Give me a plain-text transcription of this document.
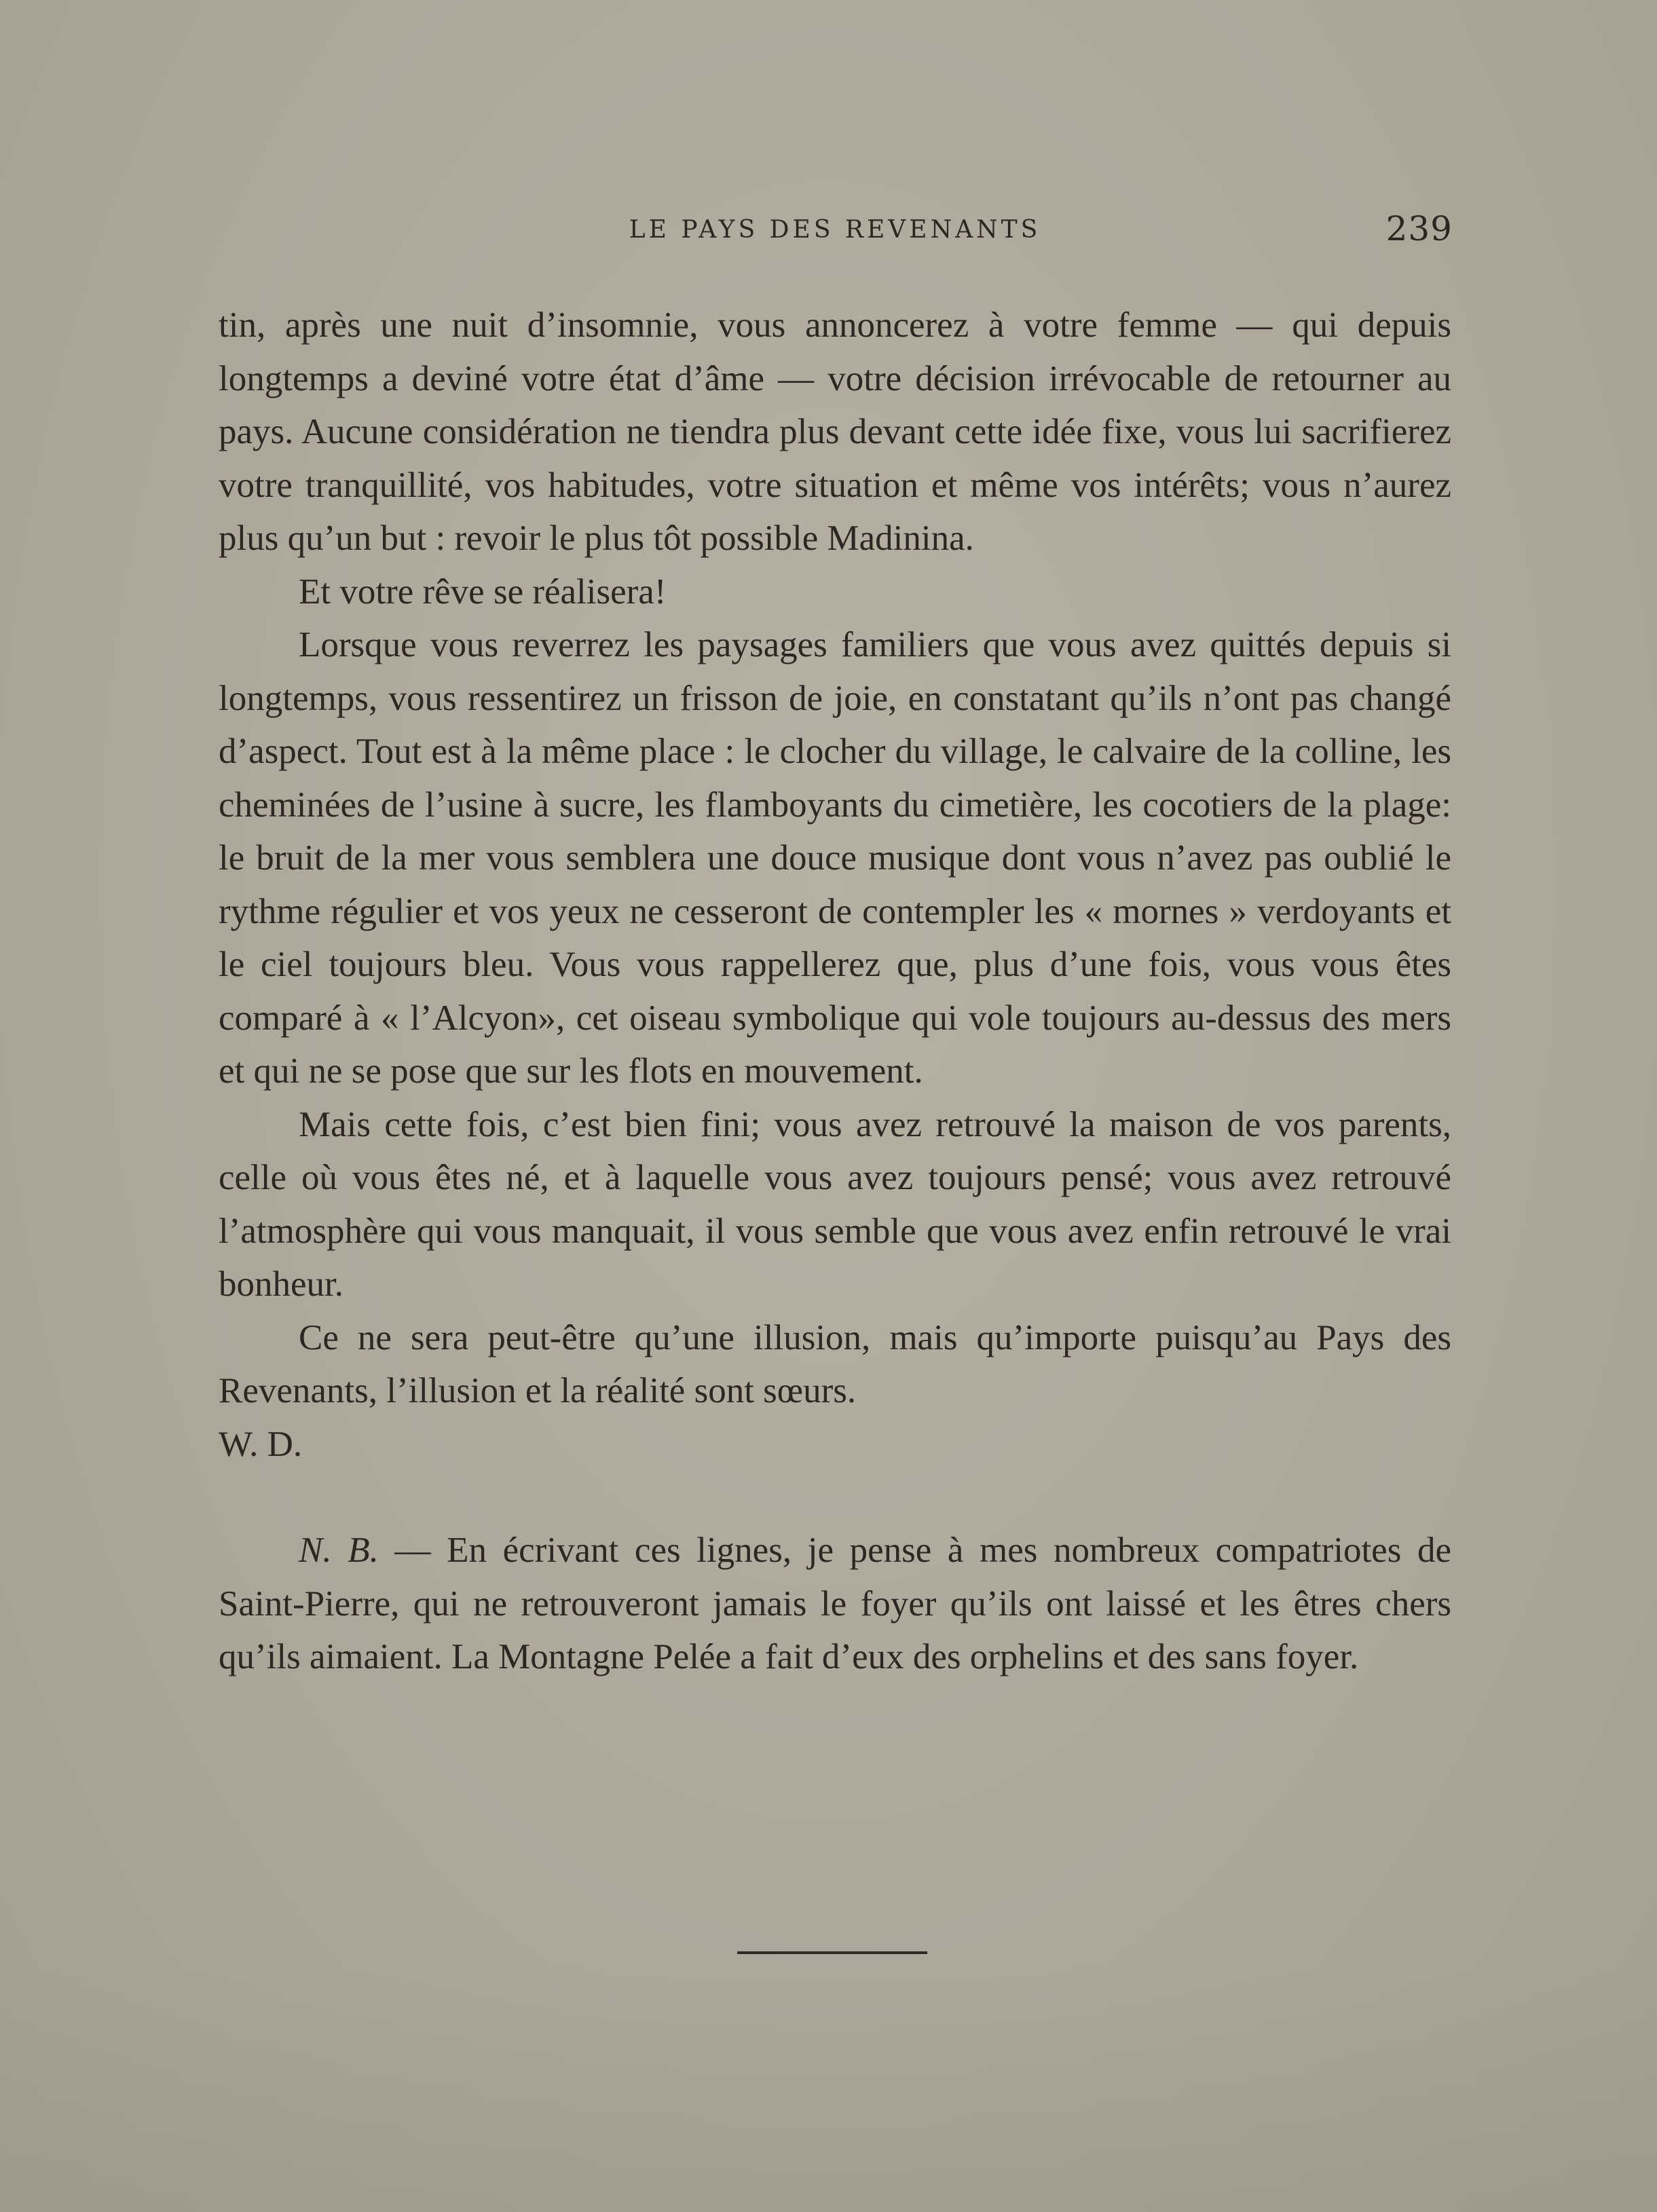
LE PAYS DES REVENANTS	239

tin, après une nuit d’insomnie, vous annoncerez à votre femme — qui depuis longtemps a deviné votre état d’âme — votre décision irrévocable de retourner au pays. Aucune considération ne tiendra plus devant cette idée fixe, vous lui sacrifierez votre tranquillité, vos habitudes, votre situation et même vos intérêts; vous n’aurez plus qu’un but : revoir le plus tôt possible Madinina.

Et votre rêve se réalisera!

Lorsque vous reverrez les paysages familiers que vous avez quittés depuis si longtemps, vous ressentirez un frisson de joie, en constatant qu’ils n’ont pas changé d’aspect. Tout est à la même place : le clocher du village, le calvaire de la colline, les cheminées de l’usine à sucre, les flamboyants du cimetière, les cocotiers de la plage: le bruit de la mer vous semblera une douce musique dont vous n’avez pas oublié le rythme régulier et vos yeux ne cesseront de contempler les « mornes » verdoyants et le ciel toujours bleu. Vous vous rappellerez que, plus d’une fois, vous vous êtes comparé à « l’Alcyon», cet oiseau symbolique qui vole toujours au-dessus des mers et qui ne se pose que sur les flots en mouvement.

Mais cette fois, c’est bien fini; vous avez retrouvé la maison de vos parents, celle où vous êtes né, et à laquelle vous avez toujours pensé; vous avez retrouvé l’atmosphère qui vous manquait, il vous semble que vous avez enfin retrouvé le vrai bonheur.

Ce ne sera peut-être qu’une illusion, mais qu’importe puisqu’au Pays des Revenants, l’illusion et la réalité sont sœurs.

W. D.

N. B. — En écrivant ces lignes, je pense à mes nombreux compatriotes de Saint-Pierre, qui ne retrouveront jamais le foyer qu’ils ont laissé et les êtres chers qu’ils aimaient. La Montagne Pelée a fait d’eux des orphelins et des sans foyer.
